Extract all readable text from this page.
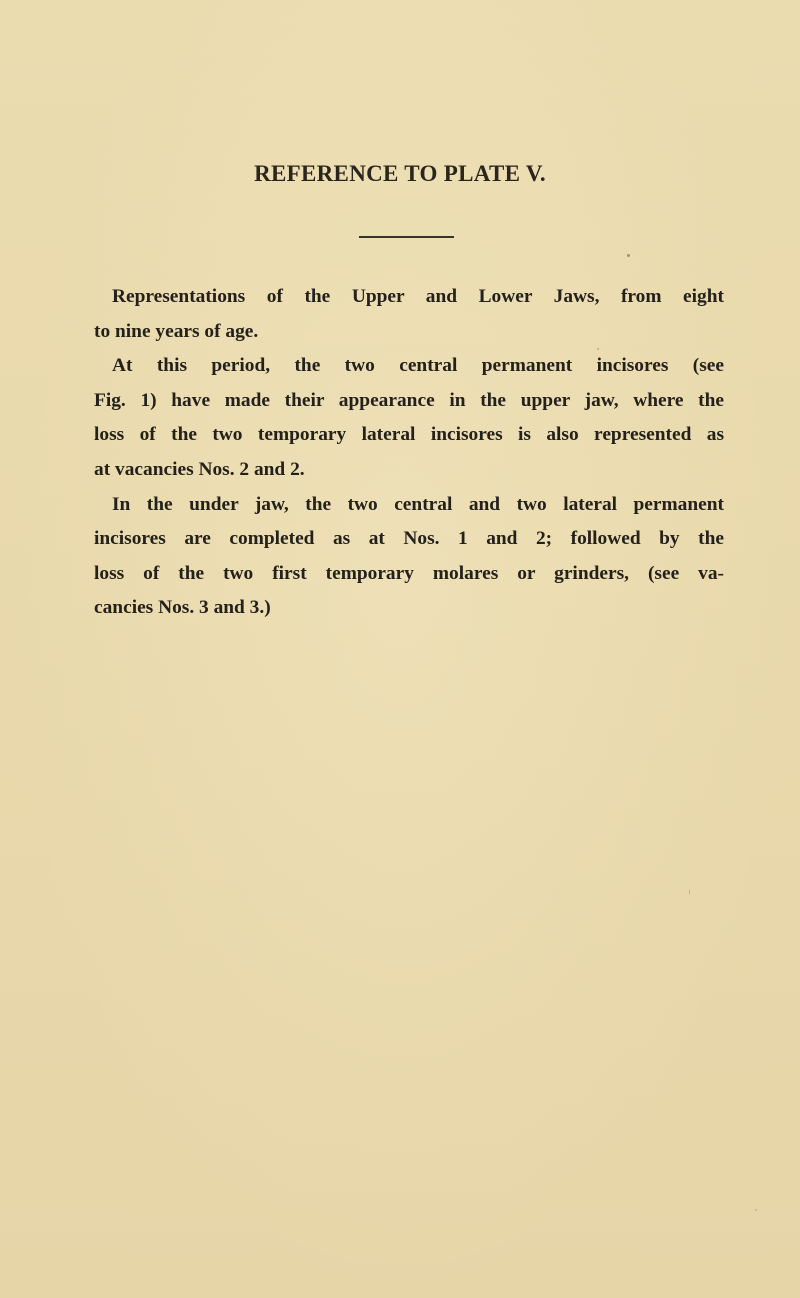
REFERENCE TO PLATE V.
Representations of the Upper and Lower Jaws, from eight
to nine years of age.
At this period, the two central permanent incisores (see
Fig. 1) have made their appearance in the upper jaw, where the
loss of the two temporary lateral incisores is also represented as
at vacancies Nos. 2 and 2.
In the under jaw, the two central and two lateral permanent
incisores are completed as at Nos. 1 and 2; followed by the
loss of the two first temporary molares or grinders, (see va-
cancies Nos. 3 and 3.)
